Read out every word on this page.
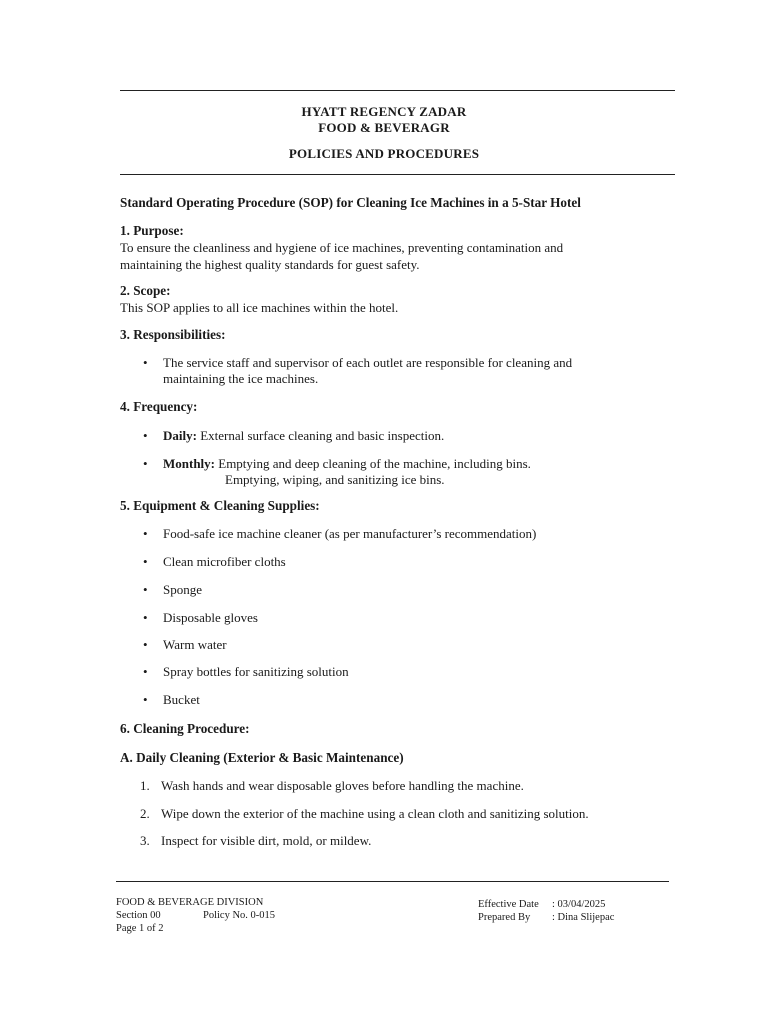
HYATT REGENCY ZADAR
FOOD & BEVERAGR
POLICIES AND PROCEDURES
Standard Operating Procedure (SOP) for Cleaning Ice Machines in a 5-Star Hotel
1. Purpose:
To ensure the cleanliness and hygiene of ice machines, preventing contamination and
maintaining the highest quality standards for guest safety.
2. Scope:
This SOP applies to all ice machines within the hotel.
3. Responsibilities:
• The service staff and supervisor of each outlet are responsible for cleaning and
maintaining the ice machines.
4. Frequency:
• Daily: External surface cleaning and basic inspection.
• Monthly: Emptying and deep cleaning of the machine, including bins.
Emptying, wiping, and sanitizing ice bins.
5. Equipment & Cleaning Supplies:
• Food-safe ice machine cleaner (as per manufacturer’s recommendation)
• Clean microfiber cloths
• Sponge
• Disposable gloves
• Warm water
• Spray bottles for sanitizing solution
• Bucket
6. Cleaning Procedure:
A. Daily Cleaning (Exterior & Basic Maintenance)
1. Wash hands and wear disposable gloves before handling the machine.
2. Wipe down the exterior of the machine using a clean cloth and sanitizing solution.
3. Inspect for visible dirt, mold, or mildew.
FOOD & BEVERAGE DIVISION
Section 00	Policy No. 0-015
Page 1 of 2
Effective Date : 03/04/2025
Prepared By : Dina Slijepac
